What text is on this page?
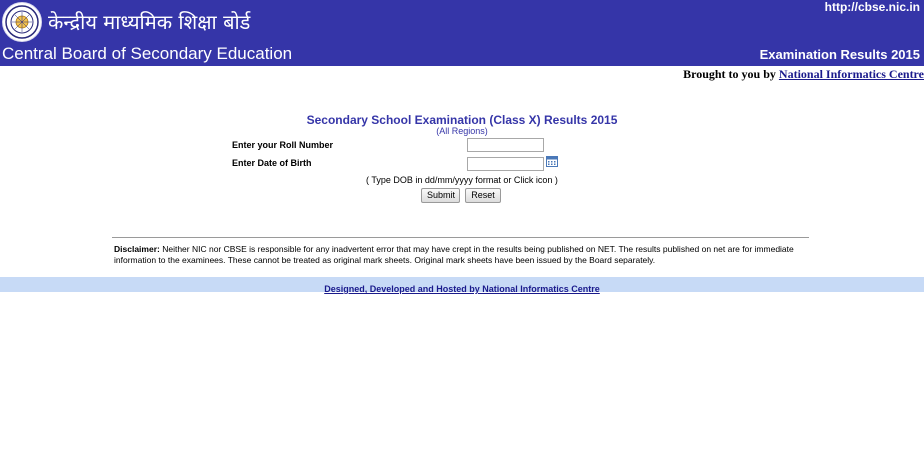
केन्द्रीय माध्यमिक शिक्षा बोर्ड
http://cbse.nic.in
Central Board of Secondary Education	Examination Results 2015
Brought to you by National Informatics Centre
Secondary School Examination (Class X) Results 2015
(All Regions)
Enter your Roll Number
Enter Date of Birth
( Type DOB in dd/mm/yyyy format or Click icon )
Submit	Reset
Disclaimer: Neither NIC nor CBSE is responsible for any inadvertent error that may have crept in the results being published on NET. The results published on net are for immediate information to the examinees. These cannot be treated as original mark sheets. Original mark sheets have been issued by the Board separately.
Designed, Developed and Hosted by National Informatics Centre
